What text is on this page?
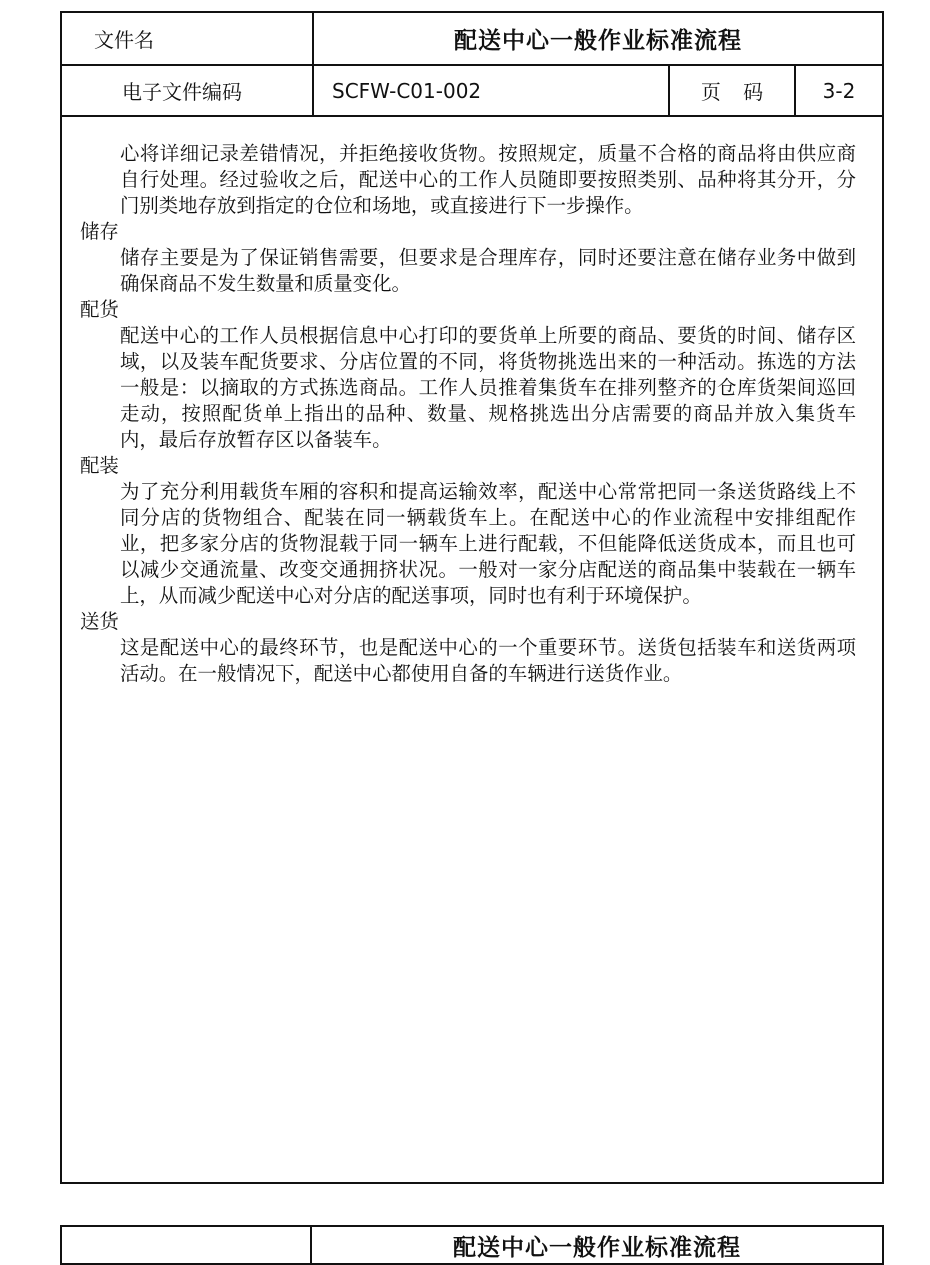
文件名	配送中心一般作业标准流程
电子文件编码	SCFW-C01-002	页 码	3-2

心将详细记录差错情况，并拒绝接收货物。按照规定，质量不合格的商品将由供应商自行处理。经过验收之后，配送中心的工作人员随即要按照类别、品种将其分开，分门别类地存放到指定的仓位和场地，或直接进行下一步操作。

储存

储存主要是为了保证销售需要，但要求是合理库存，同时还要注意在储存业务中做到确保商品不发生数量和质量变化。

配货

配送中心的工作人员根据信息中心打印的要货单上所要的商品、要货的时间、储存区域，以及装车配货要求、分店位置的不同，将货物挑选出来的一种活动。拣选的方法一般是：以摘取的方式拣选商品。工作人员推着集货车在排列整齐的仓库货架间巡回走动，按照配货单上指出的品种、数量、规格挑选出分店需要的商品并放入集货车内，最后存放暂存区以备装车。

配装

为了充分利用载货车厢的容积和提高运输效率，配送中心常常把同一条送货路线上不同分店的货物组合、配装在同一辆载货车上。在配送中心的作业流程中安排组配作业，把多家分店的货物混载于同一辆车上进行配载，不但能降低送货成本，而且也可以减少交通流量、改变交通拥挤状况。一般对一家分店配送的商品集中装载在一辆车上，从而减少配送中心对分店的配送事项，同时也有利于环境保护。

送货

这是配送中心的最终环节，也是配送中心的一个重要环节。送货包括装车和送货两项活动。在一般情况下，配送中心都使用自备的车辆进行送货作业。

配送中心一般作业标准流程
